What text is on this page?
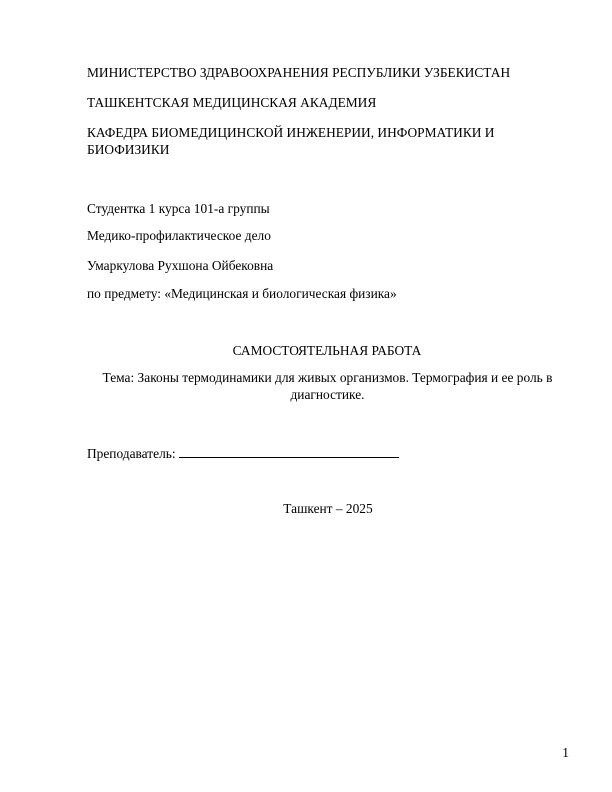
МИНИСТЕРСТВО ЗДРАВООХРАНЕНИЯ РЕСПУБЛИКИ УЗБЕКИСТАН
ТАШКЕНТСКАЯ МЕДИЦИНСКАЯ АКАДЕМИЯ
КАФЕДРА БИОМЕДИЦИНСКОЙ ИНЖЕНЕРИИ, ИНФОРМАТИКИ И БИОФИЗИКИ
Студентка 1 курса 101-а группы
Медико-профилактическое дело
Умаркулова Рухшона Ойбековна
по предмету: «Медицинская и биологическая физика»
САМОСТОЯТЕЛЬНАЯ РАБОТА
Тема: Законы термодинамики для живых организмов. Термография и ее роль в диагностике.
Преподаватель:
Ташкент – 2025
1
